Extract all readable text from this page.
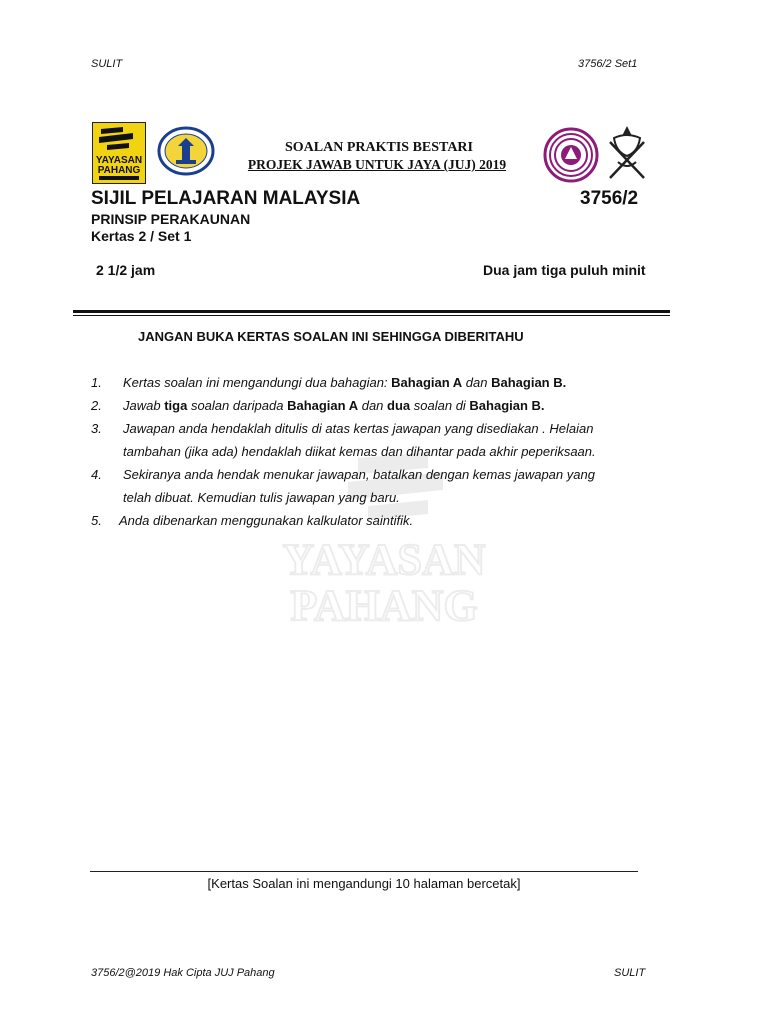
SULIT	3756/2 Set1
YAYASAN
PAHANG
SOALAN PRAKTIS BESTARI
PROJEK JAWAB UNTUK JAYA (JUJ) 2019
SIJIL PELAJARAN MALAYSIA	3756/2
PRINSIP PERAKAUNAN
Kertas 2 / Set 1
2 1/2 jam	Dua jam tiga puluh minit
JANGAN BUKA KERTAS SOALAN INI SEHINGGA DIBERITAHU
YAYASAN
PAHANG
1. Kertas soalan ini mengandungi dua bahagian: Bahagian A dan Bahagian B.
2. Jawab tiga soalan daripada Bahagian A dan dua soalan di Bahagian B.
3. Jawapan anda hendaklah ditulis di atas kertas jawapan yang disediakan . Helaian
tambahan (jika ada) hendaklah diikat kemas dan dihantar pada akhir peperiksaan.
4. Sekiranya anda hendak menukar jawapan, batalkan dengan kemas jawapan yang
telah dibuat. Kemudian tulis jawapan yang baru.
5. Anda dibenarkan menggunakan kalkulator saintifik.
[Kertas Soalan ini mengandungi 10 halaman bercetak]
3756/2@2019 Hak Cipta JUJ Pahang	SULIT
